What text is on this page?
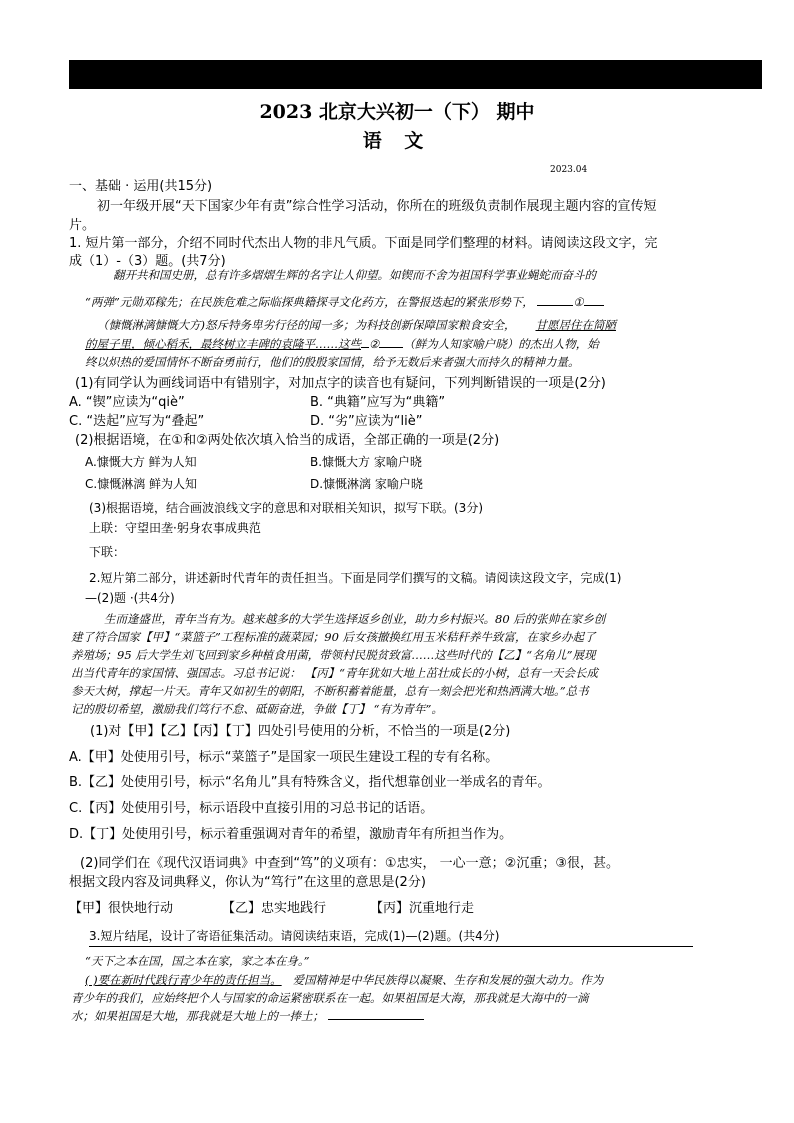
2023 北京大兴初一（下） 期中
语 文
2023.04
一、基础 · 运用(共15分)
初一年级开展“天下国家少年有责”综合性学习活动，你所在的班级负责制作展现主题内容的宣传短
片。
1. 短片第一部分，介绍不同时代杰出人物的非凡气质。下面是同学们整理的材料。请阅读这段文字，完
成（1）-（3）题。(共7分)
翻开共和国史册，总有许多熠熠生辉的名字让人仰望。如锲而不舍为祖国科学事业蝇蛇而奋斗的
“两弹”元勋邓稼先；在民族危难之际临探典籍探寻文化药方，在警报迭起的紧张形势下，	①
（慷慨淋漓慷慨大方)怒斥特务卑劣行径的闻一多；为科技创新保障国家粮食安全， 甘愿居住在简陋
的屋子里，倾心稻禾，最终树立丰碑的袁隆平……这些 ② （鲜为人知家喻户晓）的杰出人物，始
终以炽热的爱国情怀不断奋勇前行，他们的殷殷家国情，给予无数后来者强大而持久的精神力量。
(1)有同学认为画线词语中有错别字，对加点字的读音也有疑问，下列判断错误的一项是(2分)
A. “锲”应读为“qiè”	B. “典籍”应写为“典籍”
C. “迭起”应写为“叠起”	D. “劣”应读为“liè”
(2)根据语境，在①和②两处依次填入恰当的成语，全部正确的一项是(2分)
A.慷慨大方 鲜为人知	B.慷慨大方 家喻户晓
C.慷慨淋漓 鲜为人知	D.慷慨淋漓 家喻户晓
(3)根据语境，结合画波浪线文字的意思和对联相关知识，拟写下联。(3分)
上联：守望田垄·躬身农事成典范
下联：
2.短片第二部分，讲述新时代青年的责任担当。下面是同学们撰写的文稿。请阅读这段文字，完成(1)
—(2)题 ·(共4分)
生而逢盛世，青年当有为。越来越多的大学生选择返乡创业，助力乡村振兴。80 后的张帅在家乡创
建了符合国家【甲】“菜篮子”工程标准的蔬菜园；90 后女孩撤换红用玉米秸秆养牛致富，在家乡办起了
养殖场；95 后大学生刘飞回到家乡种植食用菌，带领村民脱贫致富……这些时代的【乙】“名角儿”展现
出当代青年的家国情、强国志。习总书记说： 【丙】“青年犹如大地上茁壮成长的小树，总有一天会长成
参天大树，撑起一片天。青年又如初生的朝阳，不断积蓄着能量，总有一刻会把光和热洒满大地。”总书
记的殷切希望，激励我们笃行不怠、砥砺奋进，争做【丁】 “有为青年”。
(1)对【甲】【乙】【丙】【丁】四处引号使用的分析，不恰当的一项是(2分)
A.【甲】处使用引号，标示“菜篮子”是国家一项民生建设工程的专有名称。
B.【乙】处使用引号，标示“名角儿”具有特殊含义，指代想靠创业一举成名的青年。
C.【丙】处使用引号，标示语段中直接引用的习总书记的话语。
D.【丁】处使用引号，标示着重强调对青年的希望，激励青年有所担当作为。
(2)同学们在《现代汉语词典》中查到“笃”的义项有：①忠实， 一心一意；②沉重；③很，甚。
根据文段内容及词典释义，你认为“笃行”在这里的意思是(2分)
【甲】很快地行动	【乙】忠实地践行	【丙】沉重地行走
3.短片结尾，设计了寄语征集活动。请阅读结束语，完成(1)—(2)题。(共4分)
“天下之本在国，国之本在家，家之本在身。”
( )要在新时代践行青少年的责任担当。 爱国精神是中华民族得以凝聚、生存和发展的强大动力。作为
青少年的我们，应始终把个人与国家的命运紧密联系在一起。如果祖国是大海，那我就是大海中的一滴
水；如果祖国是大地，那我就是大地上的一捧土；
